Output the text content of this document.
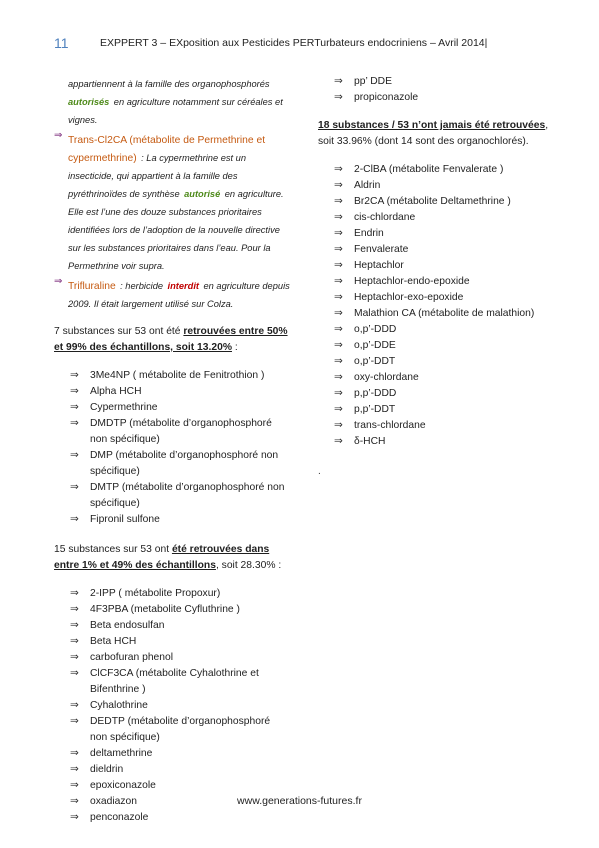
11	EXPPERT 3 – EXposition aux Pesticides PERTurbateurs endocriniens – Avril 2014|
appartiennent à la famille des organophosphorés autorisés en agriculture notamment sur céréales et vignes.
⇒ Trans-Cl2CA (métabolite de Permethrine et cypermethrine) : La cypermethrine est un insecticide, qui appartient à la famille des pyréthrinoïdes de synthèse autorisé en agriculture. Elle est l’une des douze substances prioritaires identifiées lors de l’adoption de la nouvelle directive sur les substances prioritaires dans l’eau. Pour la Permethrine voir supra.
⇒ Trifluraline : herbicide interdit en agriculture depuis 2009. Il était largement utilisé sur Colza.

7 substances sur 53 ont été retrouvées entre 50% et 99% des échantillons, soit 13.20% :

⇒	3Me4NP ( métabolite de Fenitrothion )
⇒	Alpha HCH
⇒	Cypermethrine
⇒	DMDTP (métabolite d’organophosphoré non spécifique)
⇒	DMP (métabolite d’organophosphoré non spécifique)
⇒	DMTP (métabolite d’organophosphoré non spécifique)
⇒	Fipronil sulfone

15 substances sur 53 ont été retrouvées dans entre 1% et 49% des échantillons, soit 28.30% :

⇒	2-IPP ( métabolite Propoxur)
⇒	4F3PBA (metabolite Cyfluthrine )
⇒	Beta endosulfan
⇒	Beta HCH
⇒	carbofuran phenol
⇒	ClCF3CA (métabolite Cyhalothrine et Bifenthrine )
⇒	Cyhalothrine
⇒	DEDTP (métabolite d’organophosphoré non spécifique)
⇒	deltamethrine
⇒	dieldrin
⇒	epoxiconazole
⇒	oxadiazon
⇒	penconazole
⇒	pp’ DDE
⇒	propiconazole

18 substances / 53 n’ont jamais été retrouvées, soit 33.96% (dont 14 sont des organochlorés).

⇒	2-ClBA (métabolite Fenvalerate )
⇒	Aldrin
⇒	Br2CA (métabolite Deltamethrine )
⇒	cis-chlordane
⇒	Endrin
⇒	Fenvalerate
⇒	Heptachlor
⇒	Heptachlor-endo-epoxide
⇒	Heptachlor-exo-epoxide
⇒	Malathion CA (métabolite de malathion)
⇒	o,p’-DDD
⇒	o,p’-DDE
⇒	o,p’-DDT
⇒	oxy-chlordane
⇒	p,p’-DDD
⇒	p,p’-DDT
⇒	trans-chlordane
⇒	δ-HCH

.

www.generations-futures.fr
